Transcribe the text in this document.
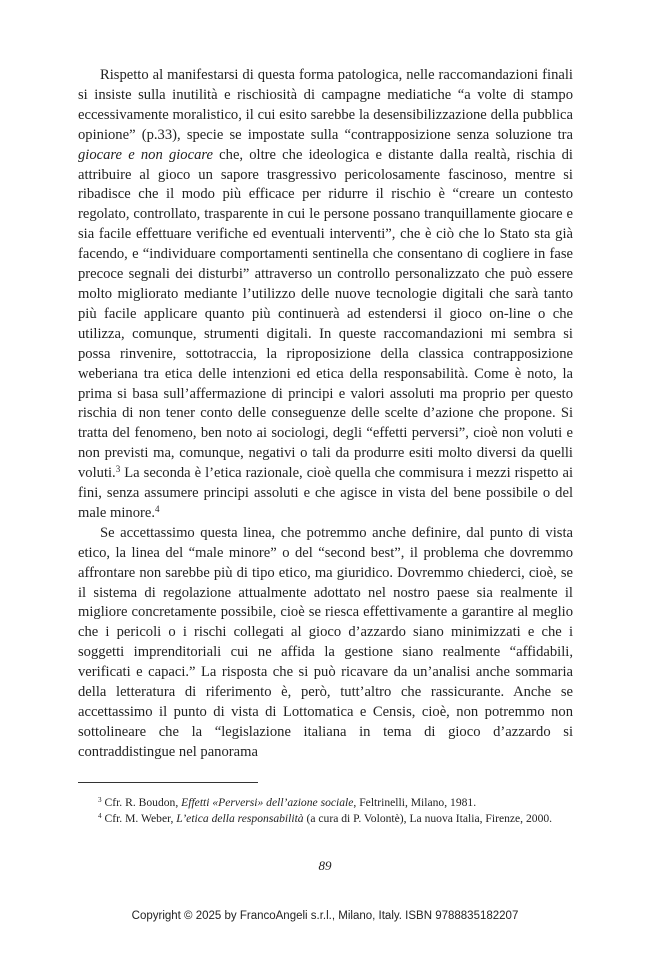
Rispetto al manifestarsi di questa forma patologica, nelle raccomandazioni finali si insiste sulla inutilità e rischiosità di campagne mediatiche “a volte di stampo eccessivamente moralistico, il cui esito sarebbe la desensibilizzazione della pubblica opinione” (p.33), specie se impostate sulla “contrapposizione senza soluzione tra giocare e non giocare che, oltre che ideologica e distante dalla realtà, rischia di attribuire al gioco un sapore trasgressivo pericolosamente fascinoso, mentre si ribadisce che il modo più efficace per ridurre il rischio è “creare un contesto regolato, controllato, trasparente in cui le persone possano tranquillamente giocare e sia facile effettuare verifiche ed eventuali interventi”, che è ciò che lo Stato sta già facendo, e “individuare comportamenti sentinella che consentano di cogliere in fase precoce segnali dei disturbi” attraverso un controllo personalizzato che può essere molto migliorato mediante l’utilizzo delle nuove tecnologie digitali che sarà tanto più facile applicare quanto più continuerà ad estendersi il gioco on-line o che utilizza, comunque, strumenti digitali. In queste raccomandazioni mi sembra si possa rinvenire, sottotraccia, la riproposizione della classica contrapposizione weberiana tra etica delle intenzioni ed etica della responsabilità. Come è noto, la prima si basa sull’affermazione di principi e valori assoluti ma proprio per questo rischia di non tener conto delle conseguenze delle scelte d’azione che propone. Si tratta del fenomeno, ben noto ai sociologi, degli “effetti perversi”, cioè non voluti e non previsti ma, comunque, negativi o tali da produrre esiti molto diversi da quelli voluti.$^3$ La seconda è l’etica razionale, cioè quella che commisura i mezzi rispetto ai fini, senza assumere principi assoluti e che agisce in vista del bene possibile o del male minore.$^4$

Se accettassimo questa linea, che potremmo anche definire, dal punto di vista etico, la linea del “male minore” o del “second best”, il problema che dovremmo affrontare non sarebbe più di tipo etico, ma giuridico. Dovremmo chiederci, cioè, se il sistema di regolazione attualmente adottato nel nostro paese sia realmente il migliore concretamente possibile, cioè se riesca effettivamente a garantire al meglio che i pericoli o i rischi collegati al gioco d’azzardo siano minimizzati e che i soggetti imprenditoriali cui ne affida la gestione siano realmente “affidabili, verificati e capaci.” La risposta che si può ricavare da un’analisi anche sommaria della letteratura di riferimento è, però, tutt’altro che rassicurante. Anche se accettassimo il punto di vista di Lottomatica e Censis, cioè, non potremmo non sottolineare che la “legislazione italiana in tema di gioco d’azzardo si contraddistingue nel panorama

$^3$ Cfr. R. Boudon, Effetti «Perversi» dell’azione sociale, Feltrinelli, Milano, 1981.

$^4$ Cfr. M. Weber, L’etica della responsabilità (a cura di P. Volontè), La nuova Italia, Firenze, 2000.

89
Copyright © 2025 by FrancoAngeli s.r.l., Milano, Italy. ISBN 9788835182207
